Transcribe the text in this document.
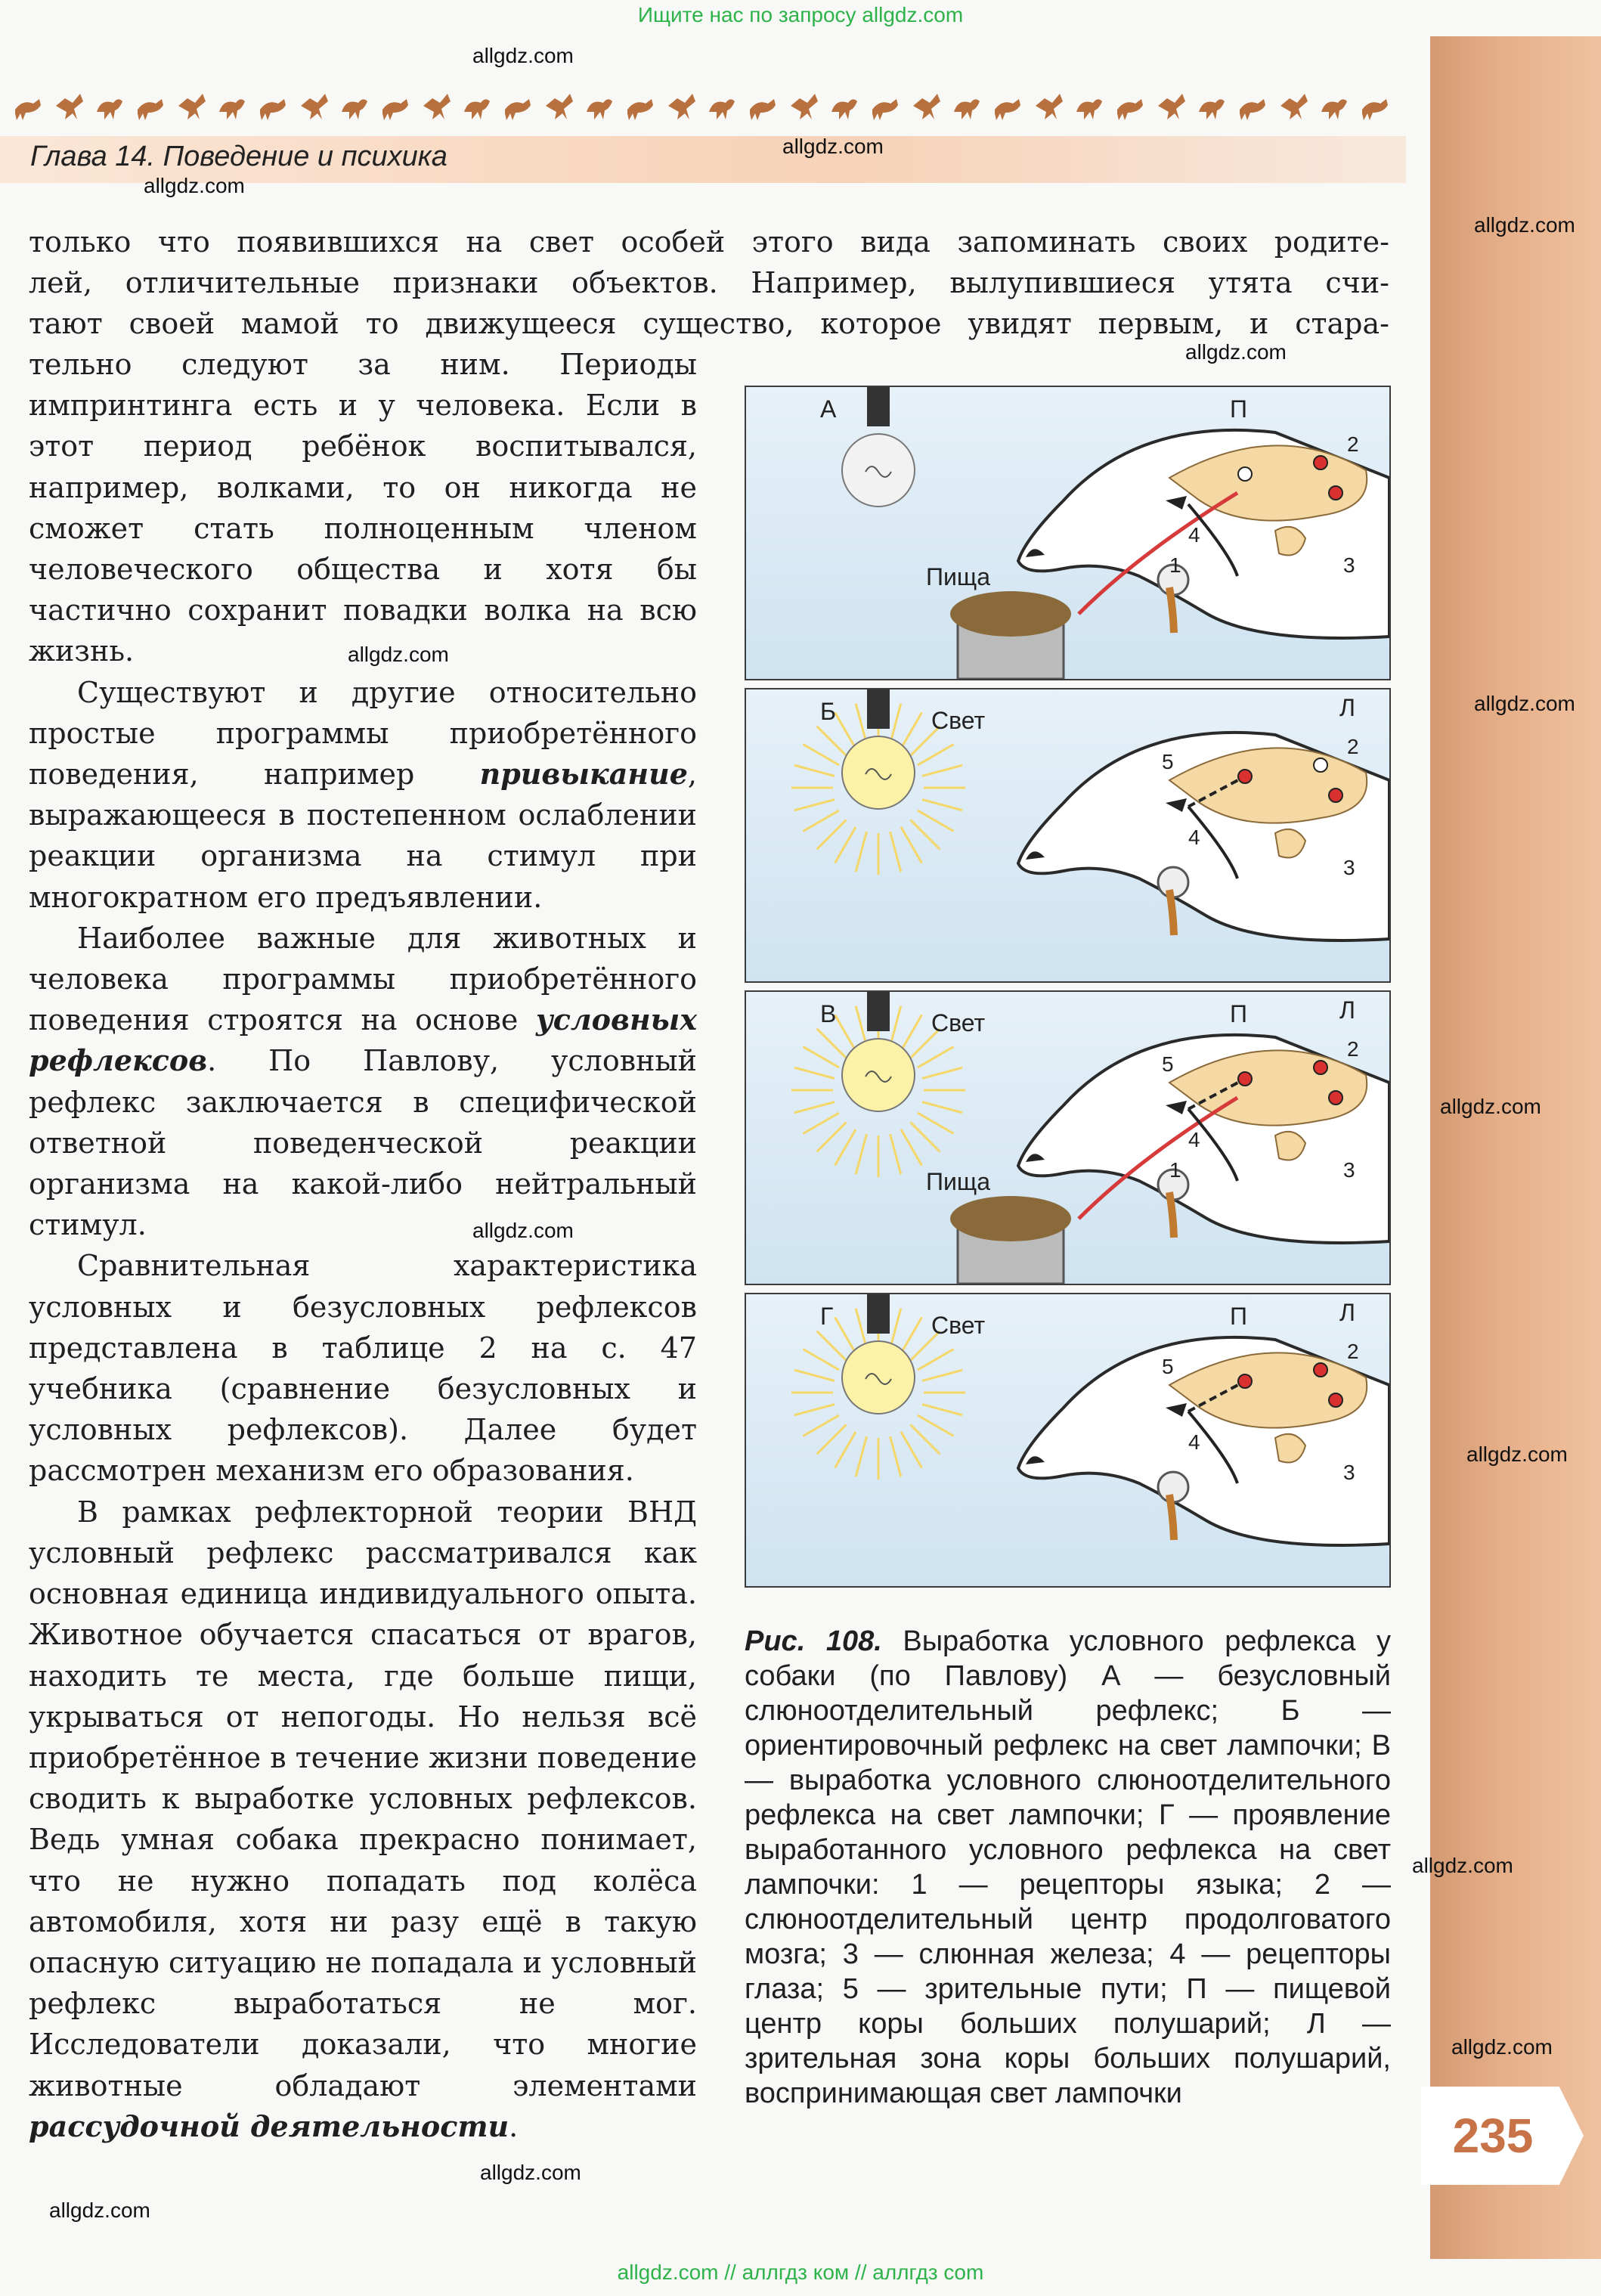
235
Ищите нас по запросу allgdz.com
Глава 14. Поведение и психика
allgdz.com
allgdz.com
allgdz.com
allgdz.com
allgdz.com
allgdz.com
allgdz.com
allgdz.com
allgdz.com
allgdz.com
allgdz.com
allgdz.com
allgdz.com
allgdz.com

только что появившихся на свет особей этого вида запоминать своих родите-

лей, отличительные признаки объектов. Например, вылупившиеся утята счи-

тают своей мамой то движущееся существо, которое увидят первым, и стара-

тельно следуют за ним. Периоды импринтинга есть и у человека. Если в этот период ребёнок воспитывался, например, волками, то он никогда не сможет стать полноценным членом человеческого общества и хотя бы частично сохранит повадки волка на всю жизнь.

Существуют и другие относительно простые программы приобретённого поведения, например привыкание, выражающееся в постепенном ослаблении реакции организма на стимул при многократном его предъявлении.

Наиболее важные для животных и человека программы приобретённого поведения строятся на основе условных рефлексов. По Павлову, условный рефлекс заключается в специфической ответной поведенческой реакции организма на какой-либо нейтральный стимул.

Сравнительная характеристика условных и безусловных рефлексов представлена в таблице 2 на с. 47 учебника (сравнение безусловных и условных рефлексов). Далее будет рассмотрен механизм его образования.

В рамках рефлекторной теории ВНД условный рефлекс рассматривался как основная единица индивидуального опыта. Животное обучается спасаться от врагов, находить те места, где больше пищи, укрываться от непогоды. Но нельзя всё приобретённое в течение жизни поведение сводить к выработке условных рефлексов. Ведь умная собака прекрасно понимает, что не нужно попадать под колёса автомобиля, хотя ни разу ещё в такую опасную ситуацию не попадала и условный рефлекс выработаться не мог. Исследователи доказали, что многие животные обладают элементами рассудочной деятельности.

А
Пища
П
1
2
3
4
Б	Свет	Л
2
3
4
5
В	Свет
Пища
П	Л
1
2
3
4
5
Г	Свет	П	Л
2
3
4
5

Рис. 108. Выработка условного рефлекса у собаки (по Павлову) А — безусловный слюноотделительный рефлекс; Б — ориентировочный рефлекс на свет лампочки; В — выработка условного слюноотделительного рефлекса на свет лампочки; Г — проявление выработанного условного рефлекса на свет лампочки: 1 — рецепторы языка; 2 — слюноотделительный центр продолговатого мозга; 3 — слюнная железа; 4 — рецепторы глаза; 5 — зрительные пути; П — пищевой центр коры больших полушарий; Л — зрительная зона коры больших полушарий, воспринимающая свет лампочки

allgdz.com // аллгдз ком // аллгдз com
